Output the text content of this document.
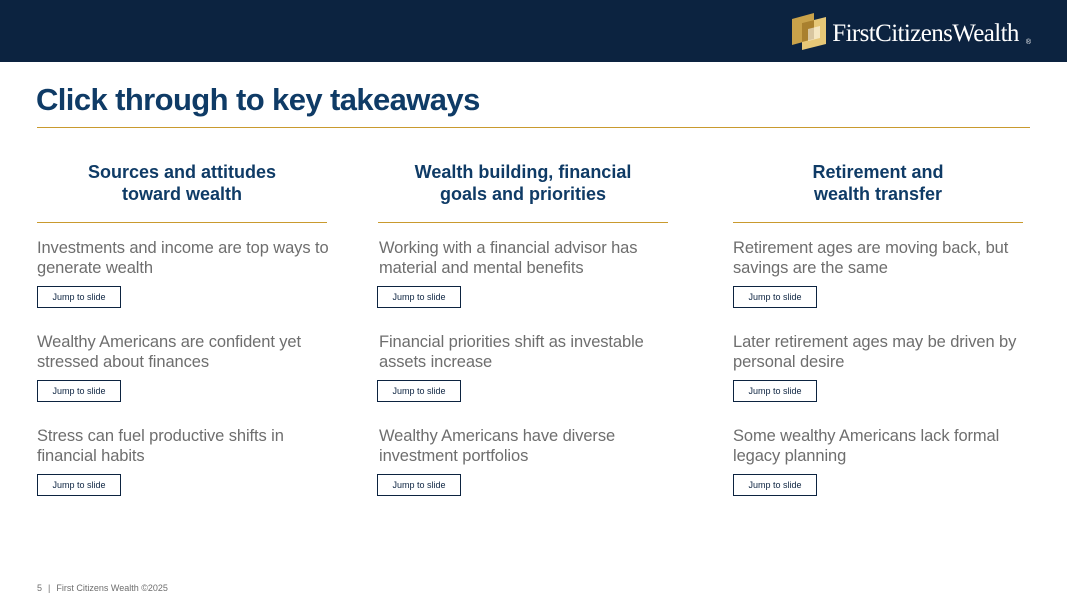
FirstCitizensWealth ®
Click through to key takeaways
Sources and attitudes
toward wealth
Investments and income are top ways to generate wealth
Jump to slide
Wealthy Americans are confident yet stressed about finances
Jump to slide
Stress can fuel productive shifts in financial habits
Jump to slide
Wealth building, financial
goals and priorities
Working with a financial advisor has material and mental benefits
Jump to slide
Financial priorities shift as investable assets increase
Jump to slide
Wealthy Americans have diverse investment portfolios
Jump to slide
Retirement and
wealth transfer
Retirement ages are moving back, but savings are the same
Jump to slide
Later retirement ages may be driven by personal desire
Jump to slide
Some wealthy Americans lack formal legacy planning
Jump to slide
5 | First Citizens Wealth ©2025
